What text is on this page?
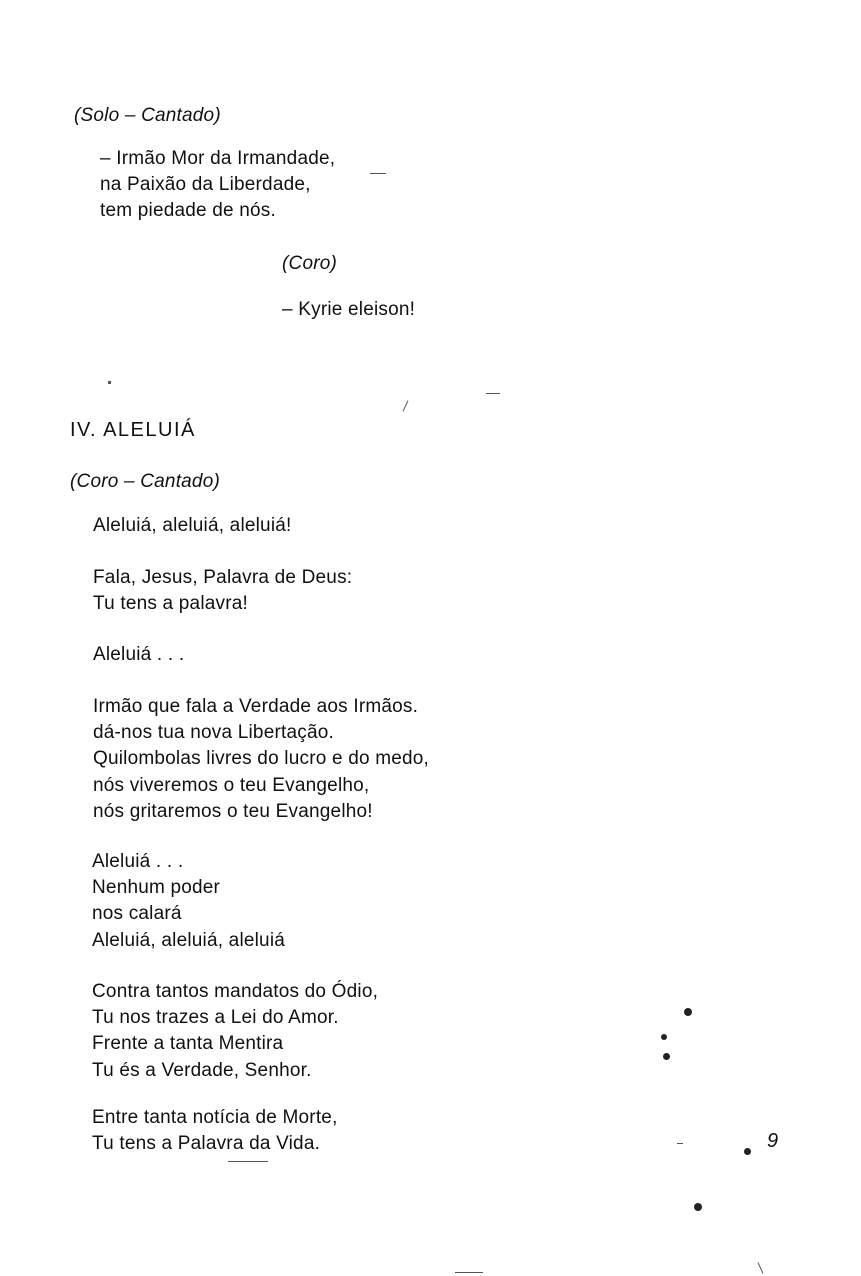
(Solo – Cantado)

– Irmão Mor da Irmandade,
na Paixão da Liberdade,
tem piedade de nós.

(Coro)

– Kyrie eleison!

IV. ALELUIÁ

(Coro – Cantado)

Aleluiá, aleluiá, aleluiá!
Fala, Jesus, Palavra de Deus:
Tu tens a palavra!
Aleluiá . . .
Irmão que fala a Verdade aos Irmãos.
dá-nos tua nova Libertação.
Quilombolas livres do lucro e do medo,
nós viveremos o teu Evangelho,
nós gritaremos o teu Evangelho!
Aleluiá . . .
Nenhum poder
nos calará
Aleluiá, aleluiá, aleluiá
Contra tantos mandatos do Ódio,
Tu nos trazes a Lei do Amor.
Frente a tanta Mentira
Tu és a Verdade, Senhor.
Entre tanta notícia de Morte,
Tu tens a Palavra da Vida.	9
